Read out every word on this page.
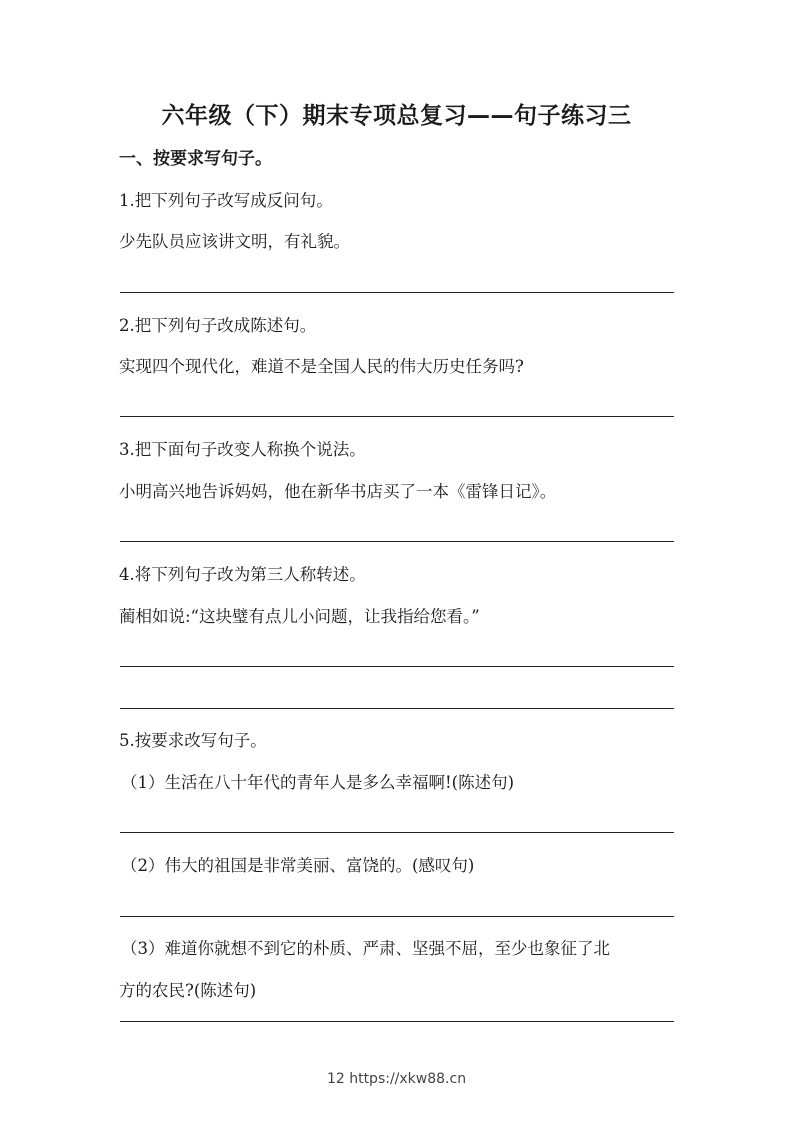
六年级（下）期末专项总复习——句子练习三
一、按要求写句子。
1.把下列句子改写成反问句。
少先队员应该讲文明，有礼貌。
2.把下列句子改成陈述句。
实现四个现代化，难道不是全国人民的伟大历史任务吗?
3.把下面句子改变人称换个说法。
小明高兴地告诉妈妈，他在新华书店买了一本《雷锋日记》。
4.将下列句子改为第三人称转述。
蔺相如说:“这块璧有点儿小问题，让我指给您看。”
5.按要求改写句子。
（1）生活在八十年代的青年人是多么幸福啊!(陈述句)
（2）伟大的祖国是非常美丽、富饶的。(感叹句)
（3）难道你就想不到它的朴质、严肃、坚强不屈，至少也象征了北
方的农民?(陈述句)
12 https://xkw88.cn
